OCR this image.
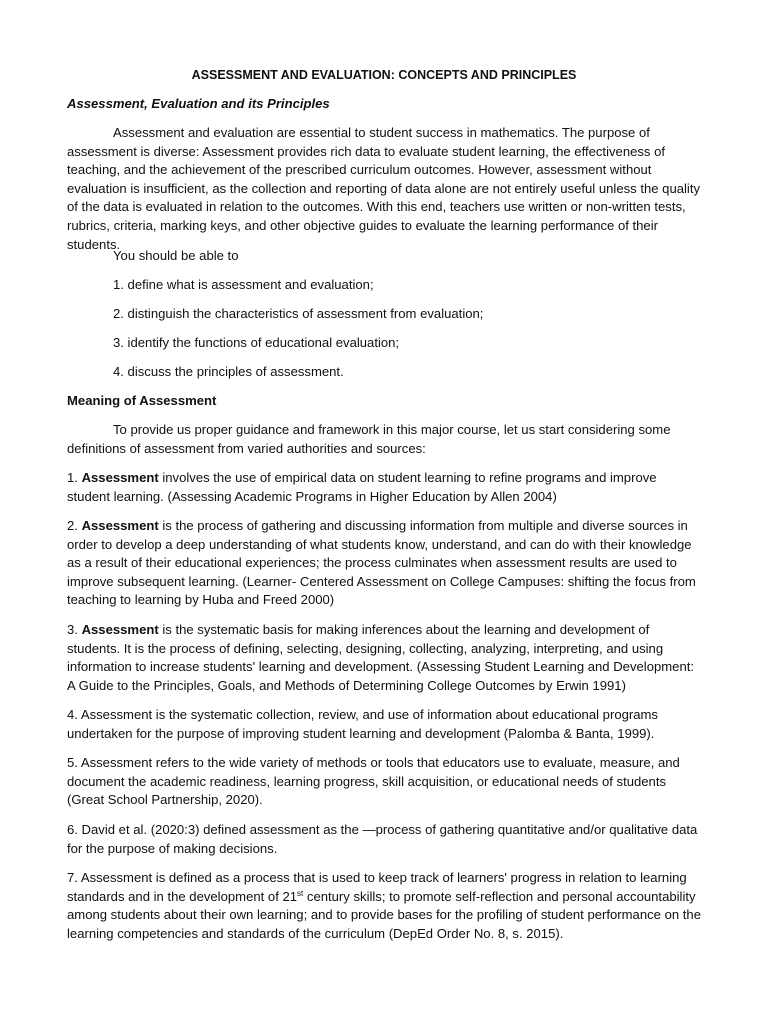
ASSESSMENT AND EVALUATION: CONCEPTS AND PRINCIPLES

Assessment, Evaluation and its Principles

Assessment and evaluation are essential to student success in mathematics. The purpose of assessment is diverse: Assessment provides rich data to evaluate student learning, the effectiveness of teaching, and the achievement of the prescribed curriculum outcomes. However, assessment without evaluation is insufficient, as the collection and reporting of data alone are not entirely useful unless the quality of the data is evaluated in relation to the outcomes. With this end, teachers use written or non-written tests, rubrics, criteria, marking keys, and other objective guides to evaluate the learning performance of their students.

You should be able to

1. define what is assessment and evaluation;

2. distinguish the characteristics of assessment from evaluation;

3. identify the functions of educational evaluation;

4. discuss the principles of assessment.

Meaning of Assessment

To provide us proper guidance and framework in this major course, let us start considering some definitions of assessment from varied authorities and sources:

1. Assessment involves the use of empirical data on student learning to refine programs and improve student learning. (Assessing Academic Programs in Higher Education by Allen 2004)

2. Assessment is the process of gathering and discussing information from multiple and diverse sources in order to develop a deep understanding of what students know, understand, and can do with their knowledge as a result of their educational experiences; the process culminates when assessment results are used to improve subsequent learning. (Learner- Centered Assessment on College Campuses: shifting the focus from teaching to learning by Huba and Freed 2000)

3. Assessment is the systematic basis for making inferences about the learning and development of students. It is the process of defining, selecting, designing, collecting, analyzing, interpreting, and using information to increase students' learning and development. (Assessing Student Learning and Development: A Guide to the Principles, Goals, and Methods of Determining College Outcomes by Erwin 1991)

4. Assessment is the systematic collection, review, and use of information about educational programs undertaken for the purpose of improving student learning and development (Palomba & Banta, 1999).

5. Assessment refers to the wide variety of methods or tools that educators use to evaluate, measure, and document the academic readiness, learning progress, skill acquisition, or educational needs of students (Great School Partnership, 2020).

6. David et al. (2020:3) defined assessment as the ―process of gathering quantitative and/or qualitative data for the purpose of making decisions.

7. Assessment is defined as a process that is used to keep track of learners' progress in relation to learning standards and in the development of 21st century skills; to promote self-reflection and personal accountability among students about their own learning; and to provide bases for the profiling of student performance on the learning competencies and standards of the curriculum (DepEd Order No. 8, s. 2015).
